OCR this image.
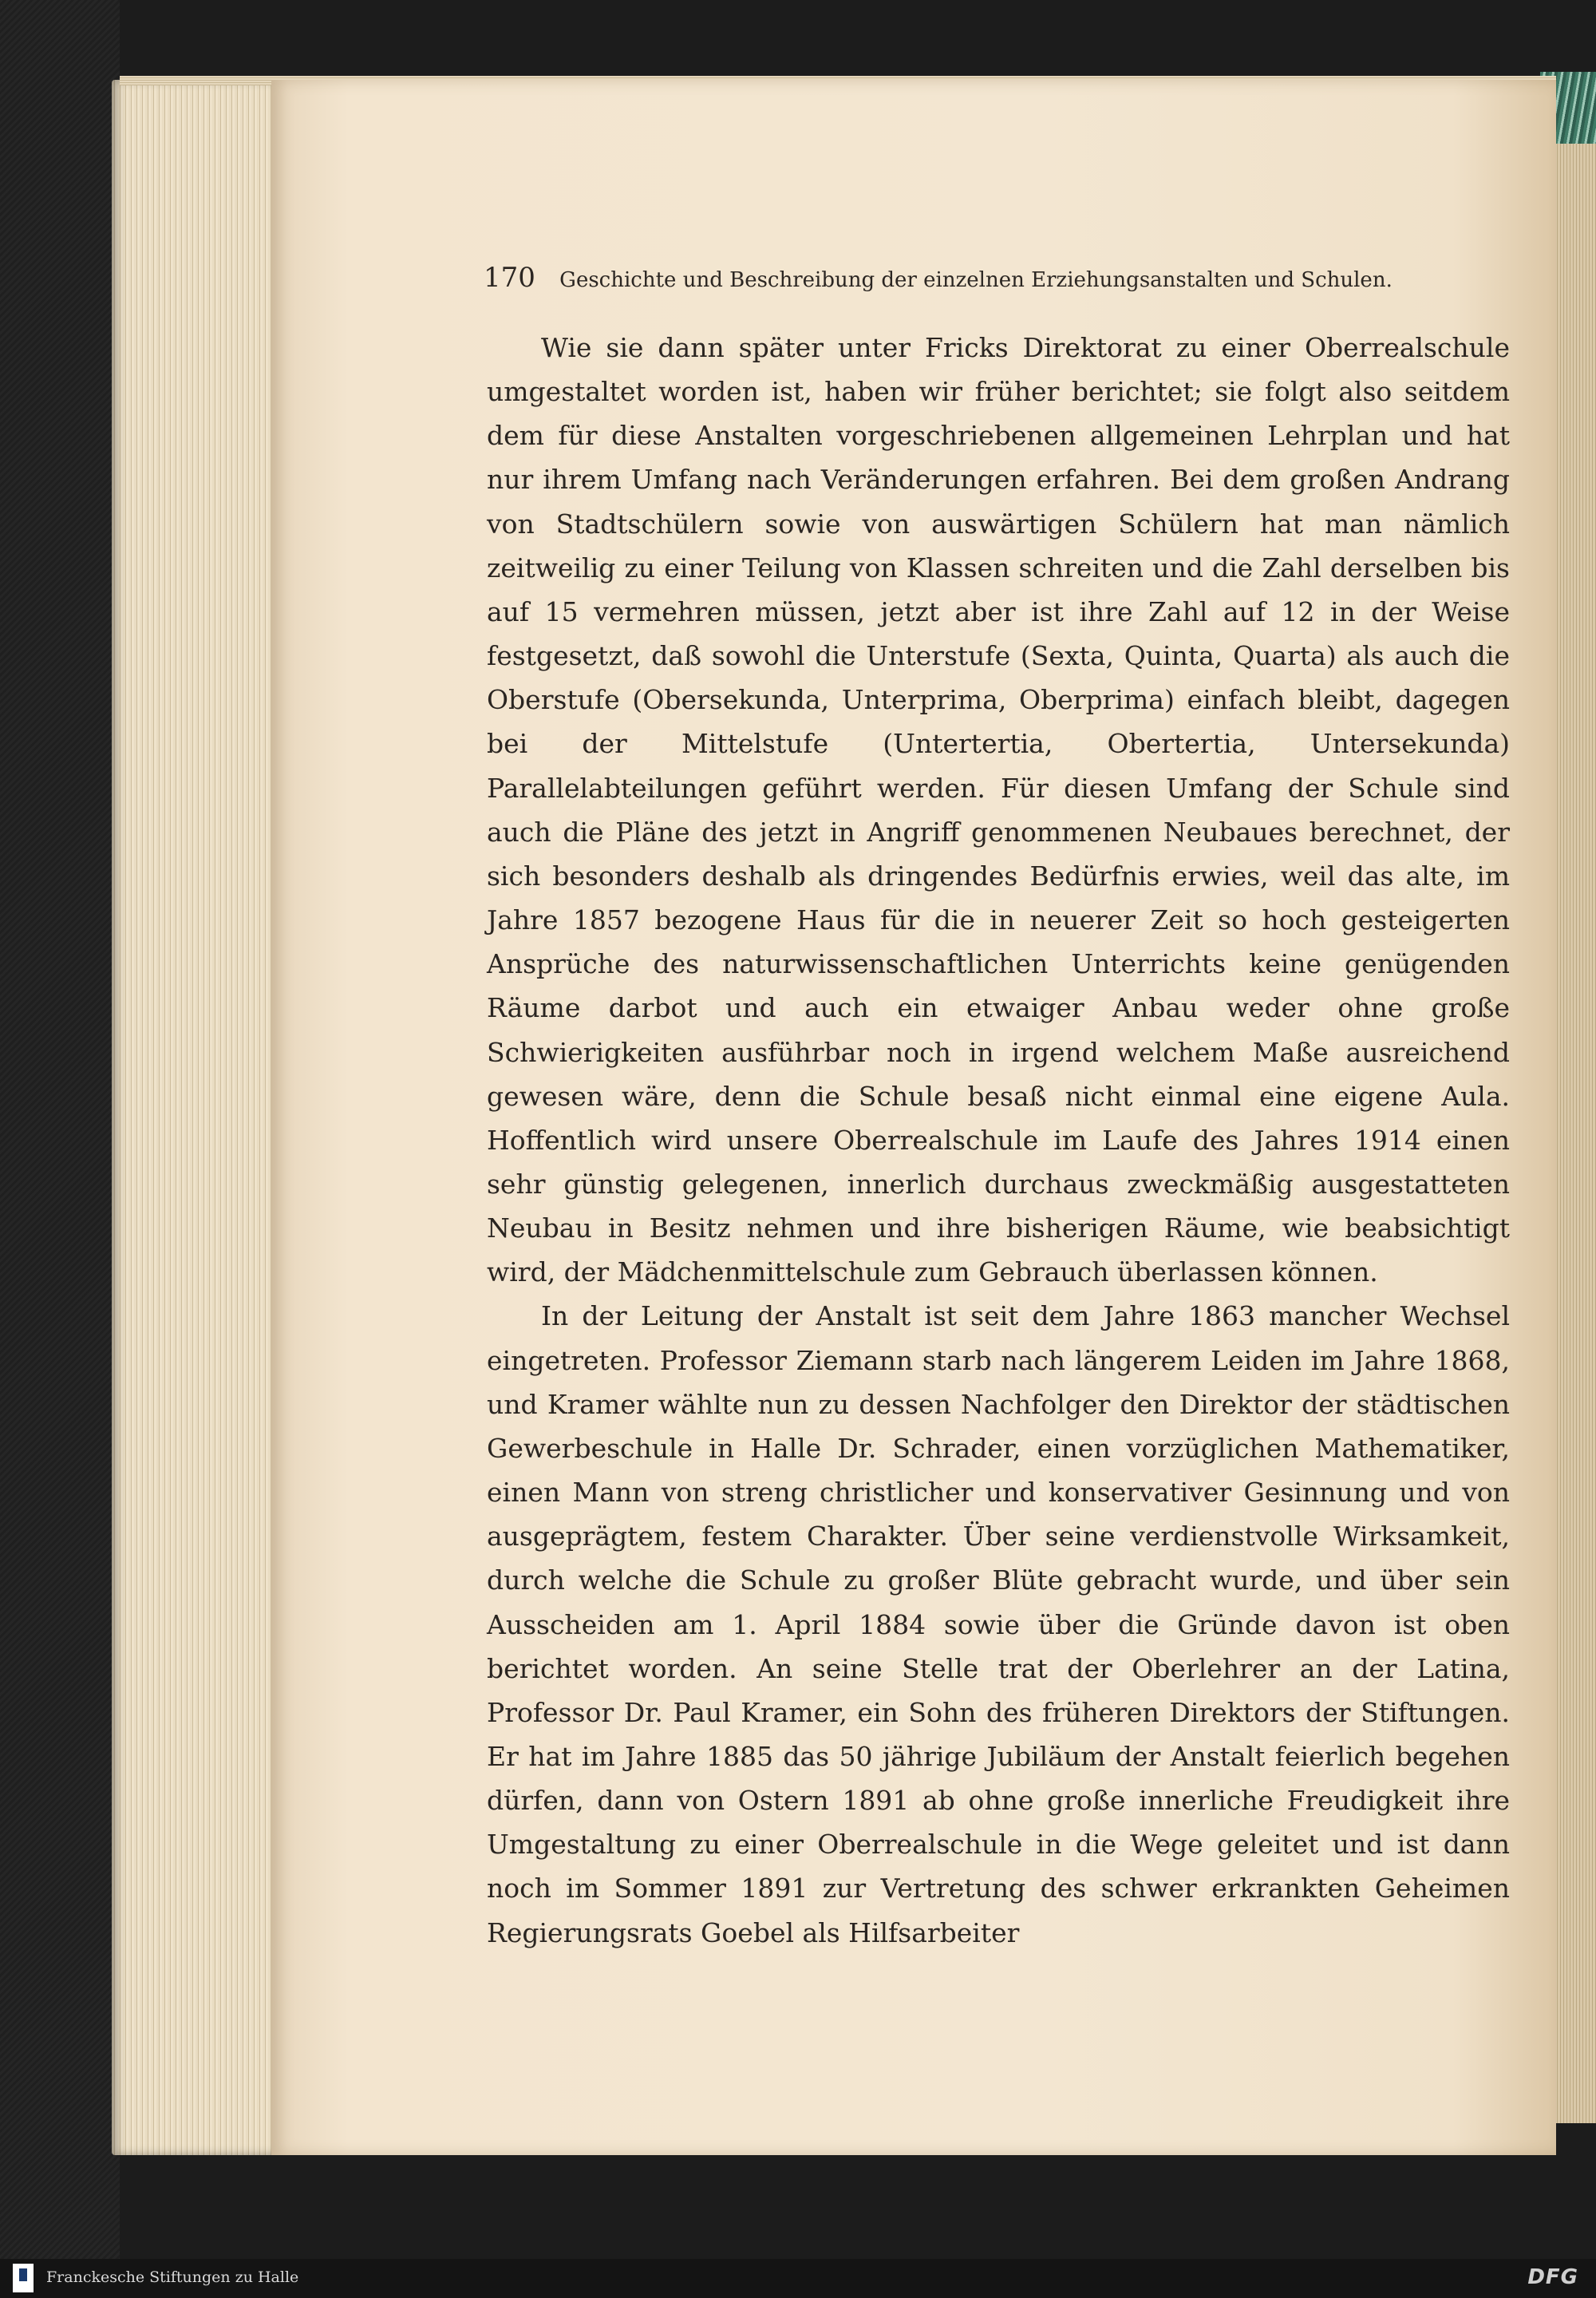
170 Geschichte und Beschreibung der einzelnen Erziehungsanstalten und Schulen.

Wie sie dann später unter Fricks Direktorat zu einer Oberrealschule umgestaltet worden ist, haben wir früher berichtet; sie folgt also seitdem dem für diese Anstalten vorgeschriebenen allgemeinen Lehrplan und hat nur ihrem Umfang nach Veränderungen erfahren. Bei dem großen Andrang von Stadtschülern sowie von auswärtigen Schülern hat man nämlich zeitweilig zu einer Teilung von Klassen schreiten und die Zahl derselben bis auf 15 vermehren müssen, jetzt aber ist ihre Zahl auf 12 in der Weise festgesetzt, daß sowohl die Unterstufe (Sexta, Quinta, Quarta) als auch die Oberstufe (Obersekunda, Unterprima, Oberprima) einfach bleibt, dagegen bei der Mittelstufe (Untertertia, Obertertia, Untersekunda) Parallelabteilungen geführt werden. Für diesen Umfang der Schule sind auch die Pläne des jetzt in Angriff genommenen Neubaues berechnet, der sich besonders deshalb als dringendes Bedürfnis erwies, weil das alte, im Jahre 1857 bezogene Haus für die in neuerer Zeit so hoch gesteigerten Ansprüche des naturwissenschaftlichen Unterrichts keine genügenden Räume darbot und auch ein etwaiger Anbau weder ohne große Schwierigkeiten ausführbar noch in irgend welchem Maße ausreichend gewesen wäre, denn die Schule besaß nicht einmal eine eigene Aula. Hoffentlich wird unsere Oberrealschule im Laufe des Jahres 1914 einen sehr günstig gelegenen, innerlich durchaus zweckmäßig ausgestatteten Neubau in Besitz nehmen und ihre bisherigen Räume, wie beabsichtigt wird, der Mädchenmittelschule zum Gebrauch überlassen können.

In der Leitung der Anstalt ist seit dem Jahre 1863 mancher Wechsel eingetreten. Professor Ziemann starb nach längerem Leiden im Jahre 1868, und Kramer wählte nun zu dessen Nachfolger den Direktor der städtischen Gewerbeschule in Halle Dr. Schrader, einen vorzüglichen Mathematiker, einen Mann von streng christlicher und konservativer Gesinnung und von ausgeprägtem, festem Charakter. Über seine verdienstvolle Wirksamkeit, durch welche die Schule zu großer Blüte gebracht wurde, und über sein Ausscheiden am 1. April 1884 sowie über die Gründe davon ist oben berichtet worden. An seine Stelle trat der Oberlehrer an der Latina, Professor Dr. Paul Kramer, ein Sohn des früheren Direktors der Stiftungen. Er hat im Jahre 1885 das 50 jährige Jubiläum der Anstalt feierlich begehen dürfen, dann von Ostern 1891 ab ohne große innerliche Freudigkeit ihre Umgestaltung zu einer Oberrealschule in die Wege geleitet und ist dann noch im Sommer 1891 zur Vertretung des schwer erkrankten Geheimen Regierungsrats Goebel als Hilfsarbeiter

Franckesche Stiftungen zu Halle	DFG
